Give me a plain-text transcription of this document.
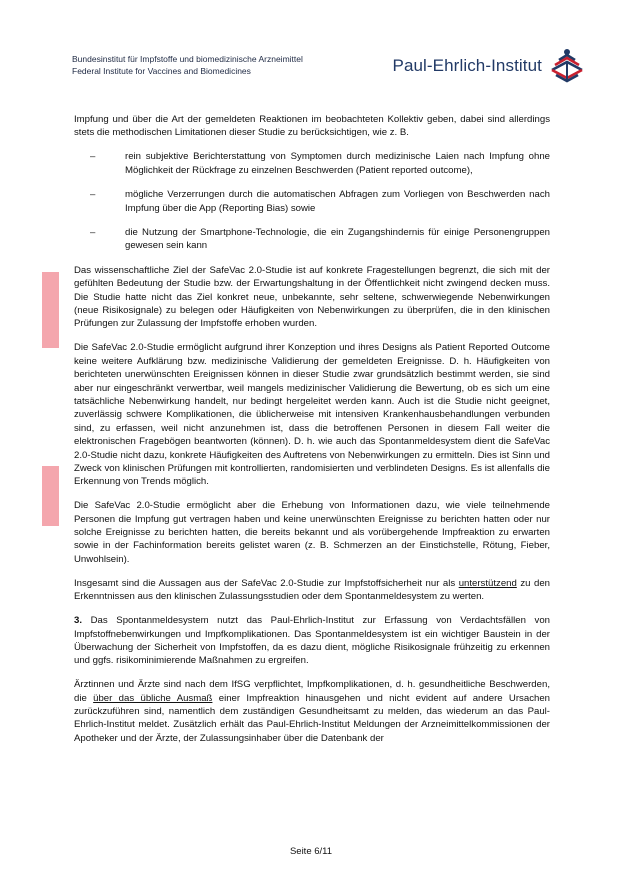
Bundesinstitut für Impfstoffe und biomedizinische Arzneimittel
Federal Institute for Vaccines and Biomedicines	Paul-Ehrlich-Institut

Impfung und über die Art der gemeldeten Reaktionen im beobachteten Kollektiv geben, dabei sind allerdings stets die methodischen Limitationen dieser Studie zu berücksichtigen, wie z. B.

–	rein subjektive Berichterstattung von Symptomen durch medizinische Laien nach Impfung ohne Möglichkeit der Rückfrage zu einzelnen Beschwerden (Patient reported outcome),
–	mögliche Verzerrungen durch die automatischen Abfragen zum Vorliegen von Beschwerden nach Impfung über die App (Reporting Bias) sowie
–	die Nutzung der Smartphone-Technologie, die ein Zugangshindernis für einige Personengruppen gewesen sein kann

Das wissenschaftliche Ziel der SafeVac 2.0-Studie ist auf konkrete Fragestellungen begrenzt, die sich mit der gefühlten Bedeutung der Studie bzw. der Erwartungshaltung in der Öffentlichkeit nicht zwingend decken muss. Die Studie hatte nicht das Ziel konkret neue, unbekannte, sehr seltene, schwerwiegende Nebenwirkungen (neue Risikosignale) zu belegen oder Häufigkeiten von Nebenwirkungen zu überprüfen, die in den klinischen Prüfungen zur Zulassung der Impfstoffe erhoben wurden.

Die SafeVac 2.0-Studie ermöglicht aufgrund ihrer Konzeption und ihres Designs als Patient Reported Outcome keine weitere Aufklärung bzw. medizinische Validierung der gemeldeten Ereignisse. D. h. Häufigkeiten von berichteten unerwünschten Ereignissen können in dieser Studie zwar grundsätzlich bestimmt werden, sie sind aber nur eingeschränkt verwertbar, weil mangels medizinischer Validierung die Bewertung, ob es sich um eine tatsächliche Nebenwirkung handelt, nur bedingt hergeleitet werden kann. Auch ist die Studie nicht geeignet, zuverlässig schwere Komplikationen, die üblicherweise mit intensiven Krankenhausbehandlungen verbunden sind, zu erfassen, weil nicht anzunehmen ist, dass die betroffenen Personen in diesem Fall weiter die elektronischen Fragebögen beantworten (können). D. h. wie auch das Spontanmeldesystem dient die SafeVac 2.0-Studie nicht dazu, konkrete Häufigkeiten des Auftretens von Nebenwirkungen zu ermitteln. Dies ist Sinn und Zweck von klinischen Prüfungen mit kontrollierten, randomisierten und verblindeten Designs. Es ist allenfalls die Erkennung von Trends möglich.

Die SafeVac 2.0-Studie ermöglicht aber die Erhebung von Informationen dazu, wie viele teilnehmende Personen die Impfung gut vertragen haben und keine unerwünschten Ereignisse zu berichten hatten oder nur solche Ereignisse zu berichten hatten, die bereits bekannt und als vorübergehende Impfreaktion zu erwarten sowie in der Fachinformation bereits gelistet waren (z. B. Schmerzen an der Einstichstelle, Rötung, Fieber, Unwohlsein).

Insgesamt sind die Aussagen aus der SafeVac 2.0-Studie zur Impfstoffsicherheit nur als unterstützend zu den Erkenntnissen aus den klinischen Zulassungsstudien oder dem Spontanmeldesystem zu werten.

3. Das Spontanmeldesystem nutzt das Paul-Ehrlich-Institut zur Erfassung von Verdachtsfällen von Impfstoffnebenwirkungen und Impfkomplikationen. Das Spontanmeldesystem ist ein wichtiger Baustein in der Überwachung der Sicherheit von Impfstoffen, da es dazu dient, mögliche Risikosignale frühzeitig zu erkennen und ggfs. risikominimierende Maßnahmen zu ergreifen.

Ärztinnen und Ärzte sind nach dem IfSG verpflichtet, Impfkomplikationen, d. h. gesundheitliche Beschwerden, die über das übliche Ausmaß einer Impfreaktion hinausgehen und nicht evident auf andere Ursachen zurückzuführen sind, namentlich dem zuständigen Gesundheitsamt zu melden, das wiederum an das Paul-Ehrlich-Institut meldet. Zusätzlich erhält das Paul-Ehrlich-Institut Meldungen der Arzneimittelkommissionen der Apotheker und der Ärzte, der Zulassungsinhaber über die Datenbank der

Seite 6/11
